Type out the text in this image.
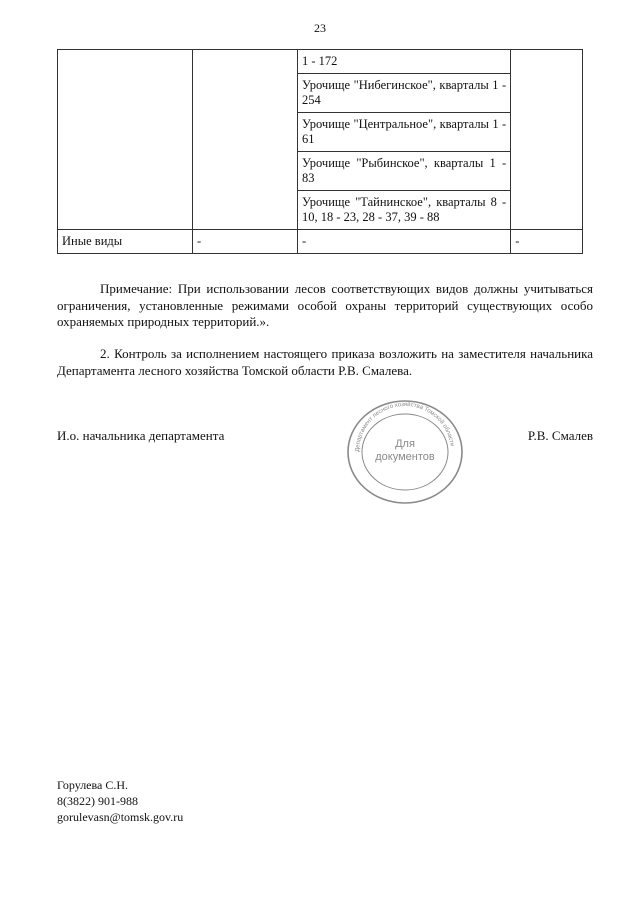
23
		1 - 172	
		Урочище "Нибегинское", кварталы 1 - 254	
		Урочище "Центральное", кварталы 1 - 61	
		Урочище "Рыбинское", кварталы 1 - 83	
		Урочище "Тайнинское", кварталы 8 - 10, 18 - 23, 28 - 37, 39 - 88	
Иные виды	-	-	-

Примечание: При использовании лесов соответствующих видов должны учитываться ограничения, установленные режимами особой охраны территорий существующих особо охраняемых природных территорий.».

2. Контроль за исполнением настоящего приказа возложить на заместителя начальника Департамента лесного хозяйства Томской области Р.В. Смалева.

И.о. начальника департамента
Департамент лесного хозяйства Томской области
Для
документов
Р.В. Смалев
Горулева С.Н.
8(3822) 901-988
gorulevasn@tomsk.gov.ru
